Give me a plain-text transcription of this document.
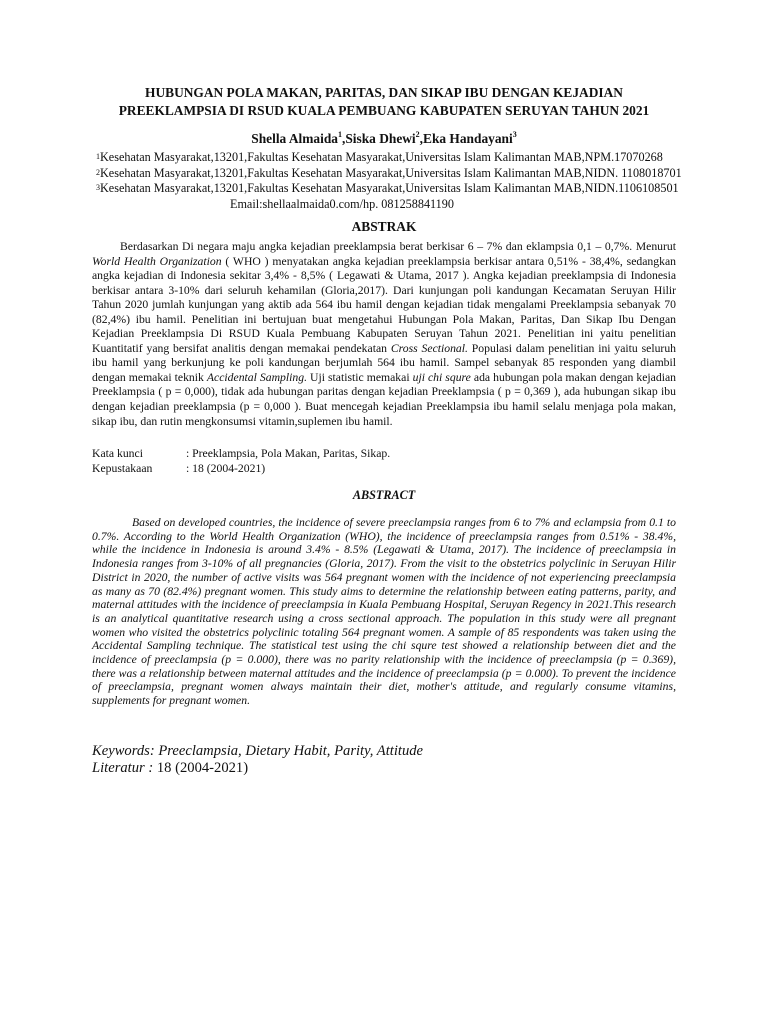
HUBUNGAN POLA MAKAN, PARITAS, DAN SIKAP IBU DENGAN KEJADIAN
PREEKLAMPSIA DI RSUD KUALA PEMBUANG KABUPATEN SERUYAN TAHUN 2021
Shella Almaida$^1$,Siska Dhewi$^2$,Eka Handayani$^3$
$^1$Kesehatan Masyarakat,13201,Fakultas Kesehatan Masyarakat,Universitas Islam Kalimantan MAB,NPM.17070268
$^2$Kesehatan Masyarakat,13201,Fakultas Kesehatan Masyarakat,Universitas Islam Kalimantan MAB,NIDN. 1108018701
$^3$Kesehatan Masyarakat,13201,Fakultas Kesehatan Masyarakat,Universitas Islam Kalimantan MAB,NIDN.1106108501
Email:shellaalmaida0.com/hp. 081258841190
ABSTRAK

Berdasarkan Di negara maju angka kejadian preeklampsia berat berkisar 6 – 7% dan eklampsia 0,1 – 0,7%. Menurut World Health Organization ( WHO ) menyatakan angka kejadian preeklampsia berkisar antara 0,51% - 38,4%, sedangkan angka kejadian di Indonesia sekitar 3,4% - 8,5% ( Legawati & Utama, 2017 ). Angka kejadian preeklampsia di Indonesia berkisar antara 3-10% dari seluruh kehamilan (Gloria,2017). Dari kunjungan poli kandungan Kecamatan Seruyan Hilir Tahun 2020 jumlah kunjungan yang aktib ada 564 ibu hamil dengan kejadian tidak mengalami Preeklampsia sebanyak 70 (82,4%) ibu hamil. Penelitian ini bertujuan buat mengetahui Hubungan Pola Makan, Paritas, Dan Sikap Ibu Dengan Kejadian Preeklampsia Di RSUD Kuala Pembuang Kabupaten Seruyan Tahun 2021. Penelitian ini yaitu penelitian Kuantitatif yang bersifat analitis dengan memakai pendekatan Cross Sectional. Populasi dalam penelitian ini yaitu seluruh ibu hamil yang berkunjung ke poli kandungan berjumlah 564 ibu hamil. Sampel sebanyak 85 responden yang diambil dengan memakai teknik Accidental Sampling. Uji statistic memakai uji chi squre ada hubungan pola makan dengan kejadian Preeklampsia ( p = 0,000), tidak ada hubungan paritas dengan kejadian Preeklampsia ( p = 0,369 ), ada hubungan sikap ibu dengan kejadian preeklampsia (p = 0,000 ). Buat mencegah kejadian Preeklampsia ibu hamil selalu menjaga pola makan, sikap ibu, dan rutin mengkonsumsi vitamin,suplemen ibu hamil.

Kata kunci	: Preeklampsia, Pola Makan, Paritas, Sikap.
Kepustakaan	: 18 (2004-2021)
ABSTRACT

Based on developed countries, the incidence of severe preeclampsia ranges from 6 to 7% and eclampsia from 0.1 to 0.7%. According to the World Health Organization (WHO), the incidence of preeclampsia ranges from 0.51% - 38.4%, while the incidence in Indonesia is around 3.4% - 8.5% (Legawati & Utama, 2017). The incidence of preeclampsia in Indonesia ranges from 3-10% of all pregnancies (Gloria, 2017). From the visit to the obstetrics polyclinic in Seruyan Hilir District in 2020, the number of active visits was 564 pregnant women with the incidence of not experiencing preeclampsia as many as 70 (82.4%) pregnant women. This study aims to determine the relationship between eating patterns, parity, and maternal attitudes with the incidence of preeclampsia in Kuala Pembuang Hospital, Seruyan Regency in 2021.This research is an analytical quantitative research using a cross sectional approach. The population in this study were all pregnant women who visited the obstetrics polyclinic totaling 564 pregnant women. A sample of 85 respondents was taken using the Accidental Sampling technique. The statistical test using the chi squre test showed a relationship between diet and the incidence of preeclampsia (p = 0.000), there was no parity relationship with the incidence of preeclampsia (p = 0.369), there was a relationship between maternal attitudes and the incidence of preeclampsia (p = 0.000). To prevent the incidence of preeclampsia, pregnant women always maintain their diet, mother's attitude, and regularly consume vitamins, supplements for pregnant women.

Keywords: Preeclampsia, Dietary Habit, Parity, Attitude
Literatur : 18 (2004-2021)
